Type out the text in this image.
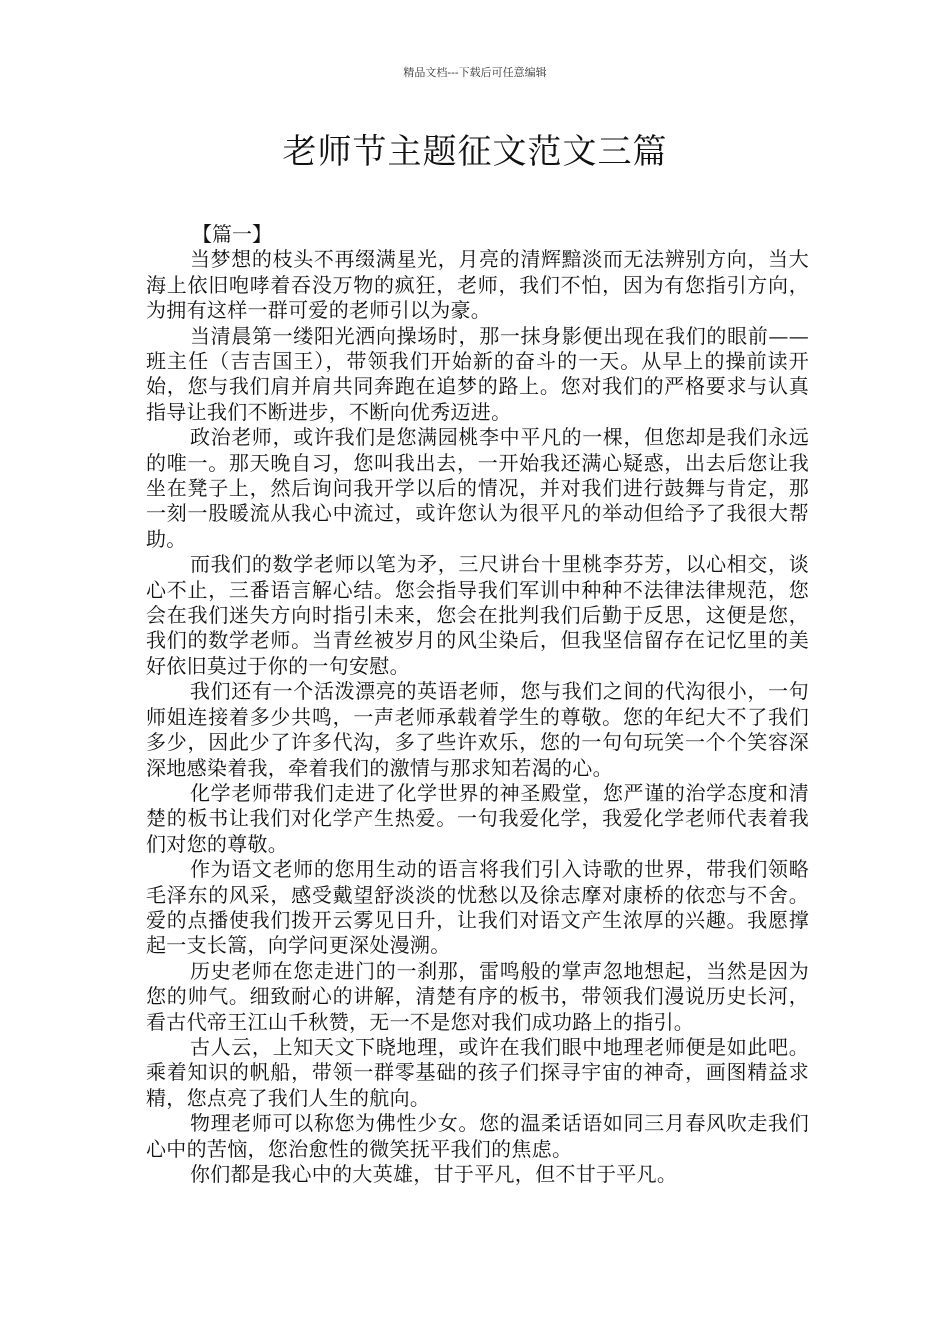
精品文档---下载后可任意编辑
老师节主题征文范文三篇

【篇一】

当梦想的枝头不再缀满星光，月亮的清辉黯淡而无法辨别方向，当大海上依旧咆哮着吞没万物的疯狂，老师，我们不怕，因为有您指引方向，为拥有这样一群可爱的老师引以为豪。

当清晨第一缕阳光洒向操场时，那一抹身影便出现在我们的眼前——班主任（吉吉国王），带领我们开始新的奋斗的一天。从早上的操前读开始，您与我们肩并肩共同奔跑在追梦的路上。您对我们的严格要求与认真指导让我们不断进步，不断向优秀迈进。

政治老师，或许我们是您满园桃李中平凡的一棵，但您却是我们永远的唯一。那天晚自习，您叫我出去，一开始我还满心疑惑，出去后您让我坐在凳子上，然后询问我开学以后的情况，并对我们进行鼓舞与肯定，那一刻一股暖流从我心中流过，或许您认为很平凡的举动但给予了我很大帮助。

而我们的数学老师以笔为矛，三尺讲台十里桃李芬芳，以心相交，谈心不止，三番语言解心结。您会指导我们军训中种种不法律法律规范，您会在我们迷失方向时指引未来，您会在批判我们后勤于反思，这便是您，我们的数学老师。当青丝被岁月的风尘染后，但我坚信留存在记忆里的美好依旧莫过于你的一句安慰。

我们还有一个活泼漂亮的英语老师，您与我们之间的代沟很小，一句师姐连接着多少共鸣，一声老师承载着学生的尊敬。您的年纪大不了我们多少，因此少了许多代沟，多了些许欢乐，您的一句句玩笑一个个笑容深深地感染着我，牵着我们的激情与那求知若渴的心。

化学老师带我们走进了化学世界的神圣殿堂，您严谨的治学态度和清楚的板书让我们对化学产生热爱。一句我爱化学，我爱化学老师代表着我们对您的尊敬。

作为语文老师的您用生动的语言将我们引入诗歌的世界，带我们领略毛泽东的风采，感受戴望舒淡淡的忧愁以及徐志摩对康桥的依恋与不舍。爱的点播使我们拨开云雾见日升，让我们对语文产生浓厚的兴趣。我愿撑起一支长篙，向学问更深处漫溯。

历史老师在您走进门的一刹那，雷鸣般的掌声忽地想起，当然是因为您的帅气。细致耐心的讲解，清楚有序的板书，带领我们漫说历史长河，看古代帝王江山千秋赞，无一不是您对我们成功路上的指引。

古人云，上知天文下晓地理，或许在我们眼中地理老师便是如此吧。乘着知识的帆船，带领一群零基础的孩子们探寻宇宙的神奇，画图精益求精，您点亮了我们人生的航向。

物理老师可以称您为佛性少女。您的温柔话语如同三月春风吹走我们心中的苦恼，您治愈性的微笑抚平我们的焦虑。

你们都是我心中的大英雄，甘于平凡，但不甘于平凡。
